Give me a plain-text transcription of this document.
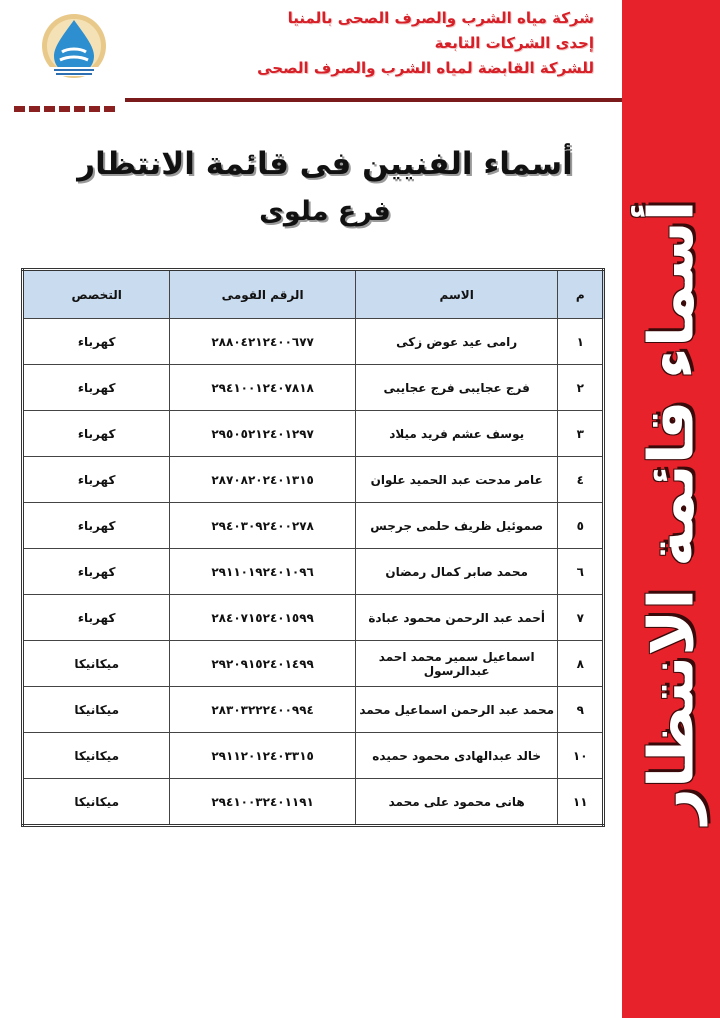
شركة مياه الشرب والصرف الصحى بالمنيا
إحدى الشركات التابعة
للشركة القابضة لمياه الشرب والصرف الصحى
أسماء الفنيين فى قائمة الانتظار
فرع ملوى
م	الاسم	الرقم القومى	التخصص
١	رامى عيد عوض زكى	٢٨٨٠٤٢١٢٤٠٠٦٧٧	كهرباء
٢	فرج عجايبى فرج عجايبى	٢٩٤١٠٠١٢٤٠٧٨١٨	كهرباء
٣	يوسف عشم فريد ميلاد	٢٩٥٠٥٢١٢٤٠١٢٩٧	كهرباء
٤	عامر مدحت عبد الحميد علوان	٢٨٧٠٨٢٠٢٤٠١٣١٥	كهرباء
٥	صموئيل ظريف حلمى جرجس	٢٩٤٠٣٠٩٢٤٠٠٢٧٨	كهرباء
٦	محمد صابر كمال رمضان	٢٩١١٠١٩٢٤٠١٠٩٦	كهرباء
٧	أحمد عبد الرحمن محمود عبادة	٢٨٤٠٧١٥٢٤٠١٥٩٩	كهرباء
٨	اسماعيل سمير محمد احمد عبدالرسول	٢٩٢٠٩١٥٢٤٠١٤٩٩	ميكانيكا
٩	محمد عبد الرحمن اسماعيل محمد	٢٨٣٠٣٢٢٢٤٠٠٩٩٤	ميكانيكا
١٠	خالد عبدالهادى محمود حميده	٢٩١١٢٠١٢٤٠٣٣١٥	ميكانيكا
١١	هانى محمود على محمد	٢٩٤١٠٠٣٢٤٠١١٩١	ميكانيكا	أسماء قائمة الانتظار
